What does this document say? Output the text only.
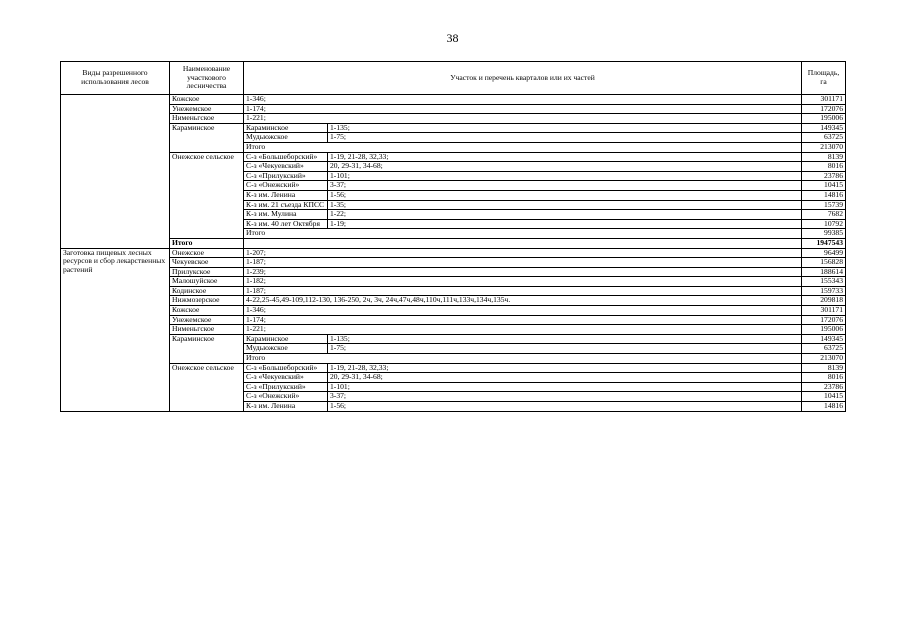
38
Виды разрешенного использования лесов	Наименование участкового лесничества	Участок и перечень кварталов или их частей		Площадь, га
	Кожское	1-346;		301171
	Унежемское	1-174;		172076
	Нименьгское	1-221;		195006
	Караминское	Караминское	1-135;	149345
		Мудьюжское	1-75;	63725
		Итого		213070
	Онежское сельское	С-з «Большеборский»	1-19, 21-28, 32,33;	8139
		С-з «Чекуевский»	20, 29-31, 34-68;	8016
		С-з «Прилукский»	1-101;	23786
		С-з «Онежский»	3-37;	10415
		К-з им. Ленина	1-56;	14816
		К-з им. 21 съезда КПСС	1-35;	15739
		К-з им. Мулина	1-22;	7682
		К-з им. 40 лет Октября	1-19;	10792
		Итого		99385
	Итого			1947543
Заготовка пищевых лесных ресурсов и сбор лекарственных растений	Онежское	1-207;		96499
	Чекуевское	1-187;		156828
	Прилукское	1-239;		188614
	Малошуйское	1-182;		155343
	Кодинское	1-187;		159733
	Нижмозерское	4-22,25-45,49-109,112-130, 136-250, 2ч, 3ч, 24ч,47ч,48ч,110ч,111ч,133ч,134ч,135ч.		209818
	Кожское	1-346;		301171
	Унежемское	1-174;		172076
	Нименьгское	1-221;		195006
	Караминское	Караминское	1-135;	149345
		Мудьюжское	1-75;	63725
		Итого		213070
	Онежское сельское	С-з «Большеборский»	1-19, 21-28, 32,33;	8139
		С-з «Чекуевский»	20, 29-31, 34-68;	8016
		С-з «Прилукский»	1-101;	23786
		С-з «Онежский»	3-37;	10415
		К-з им. Ленина	1-56;	14816
